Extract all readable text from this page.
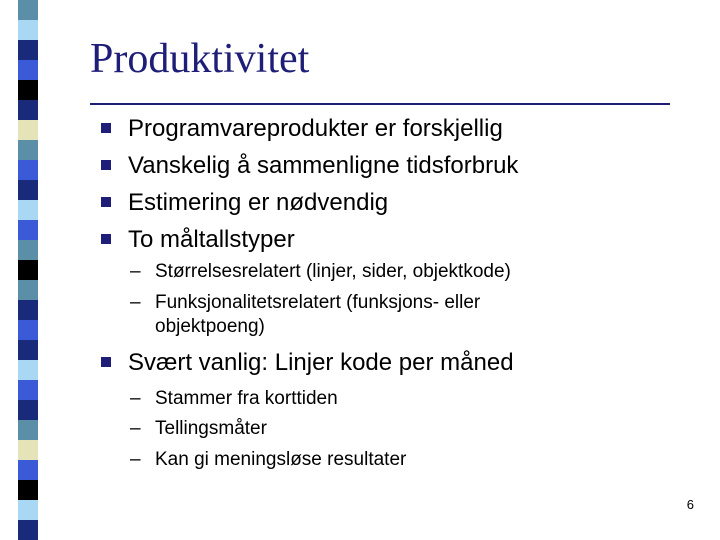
Produktivitet
Programvareprodukter er forskjellig
Vanskelig å sammenligne tidsforbruk
Estimering er nødvendig
To måltallstyper
– Størrelsesrelatert (linjer, sider, objektkode)
– Funksjonalitetsrelatert (funksjons- eller
objektpoeng)
Svært vanlig: Linjer kode per måned
– Stammer fra korttiden
– Tellingsmåter
– Kan gi meningsløse resultater
6
